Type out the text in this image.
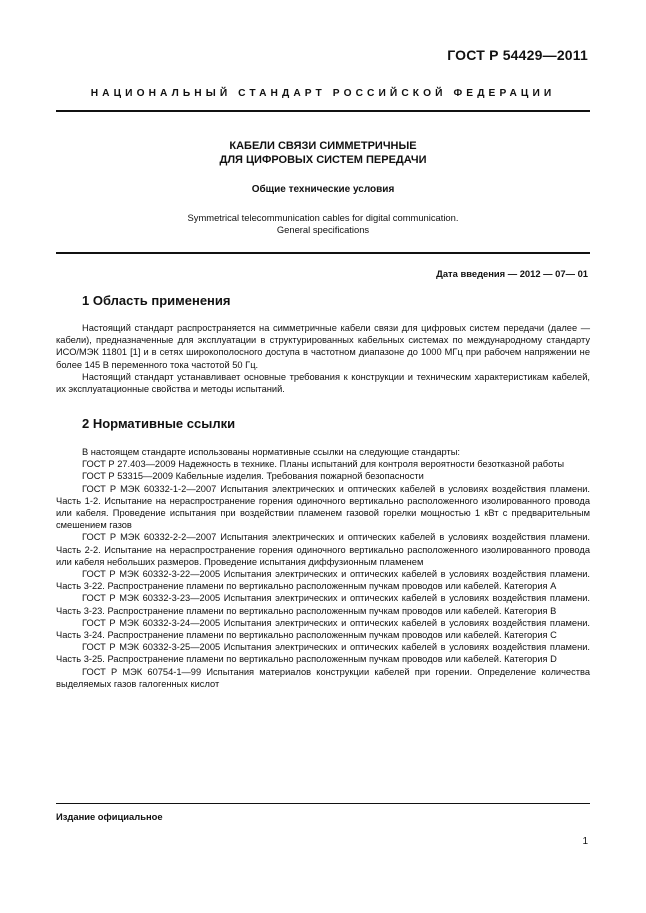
ГОСТ Р 54429—2011
НАЦИОНАЛЬНЫЙ СТАНДАРТ РОССИЙСКОЙ ФЕДЕРАЦИИ
КАБЕЛИ СВЯЗИ СИММЕТРИЧНЫЕ
ДЛЯ ЦИФРОВЫХ СИСТЕМ ПЕРЕДАЧИ
Общие технические условия
Symmetrical telecommunication cables for digital communication.
General specifications
Дата введения — 2012 — 07— 01
1 Область применения

Настоящий стандарт распространяется на симметричные кабели связи для цифровых систем передачи (далее — кабели), предназначенные для эксплуатации в структурированных кабельных системах по международному стандарту ИСО/МЭК 11801 [1] и в сетях широкополосного доступа в частотном диапазоне до 1000 МГц при рабочем напряжении не более 145 В переменного тока частотой 50 Гц.

Настоящий стандарт устанавливает основные требования к конструкции и техническим характеристикам кабелей, их эксплуатационные свойства и методы испытаний.

2 Нормативные ссылки

В настоящем стандарте использованы нормативные ссылки на следующие стандарты:

ГОСТ Р 27.403—2009 Надежность в технике. Планы испытаний для контроля вероятности безотказной работы

ГОСТ Р 53315—2009 Кабельные изделия. Требования пожарной безопасности

ГОСТ Р МЭК 60332-1-2—2007 Испытания электрических и оптических кабелей в условиях воздействия пламени. Часть 1-2. Испытание на нераспространение горения одиночного вертикально расположенного изолированного провода или кабеля. Проведение испытания при воздействии пламенем газовой горелки мощностью 1 кВт с предварительным смешением газов

ГОСТ Р МЭК 60332-2-2—2007 Испытания электрических и оптических кабелей в условиях воздействия пламени. Часть 2-2. Испытание на нераспространение горения одиночного вертикально расположенного изолированного провода или кабеля небольших размеров. Проведение испытания диффузионным пламенем

ГОСТ Р МЭК 60332-3-22—2005 Испытания электрических и оптических кабелей в условиях воздействия пламени. Часть 3-22. Распространение пламени по вертикально расположенным пучкам проводов или кабелей. Категория А

ГОСТ Р МЭК 60332-3-23—2005 Испытания электрических и оптических кабелей в условиях воздействия пламени. Часть 3-23. Распространение пламени по вертикально расположенным пучкам проводов или кабелей. Категория В

ГОСТ Р МЭК 60332-3-24—2005 Испытания электрических и оптических кабелей в условиях воздействия пламени. Часть 3-24. Распространение пламени по вертикально расположенным пучкам проводов или кабелей. Категория С

ГОСТ Р МЭК 60332-3-25—2005 Испытания электрических и оптических кабелей в условиях воздействия пламени. Часть 3-25. Распространение пламени по вертикально расположенным пучкам проводов или кабелей. Категория D

ГОСТ Р МЭК 60754-1—99 Испытания материалов конструкции кабелей при горении. Определение количества выделяемых газов галогенных кислот

Издание официальное
1
